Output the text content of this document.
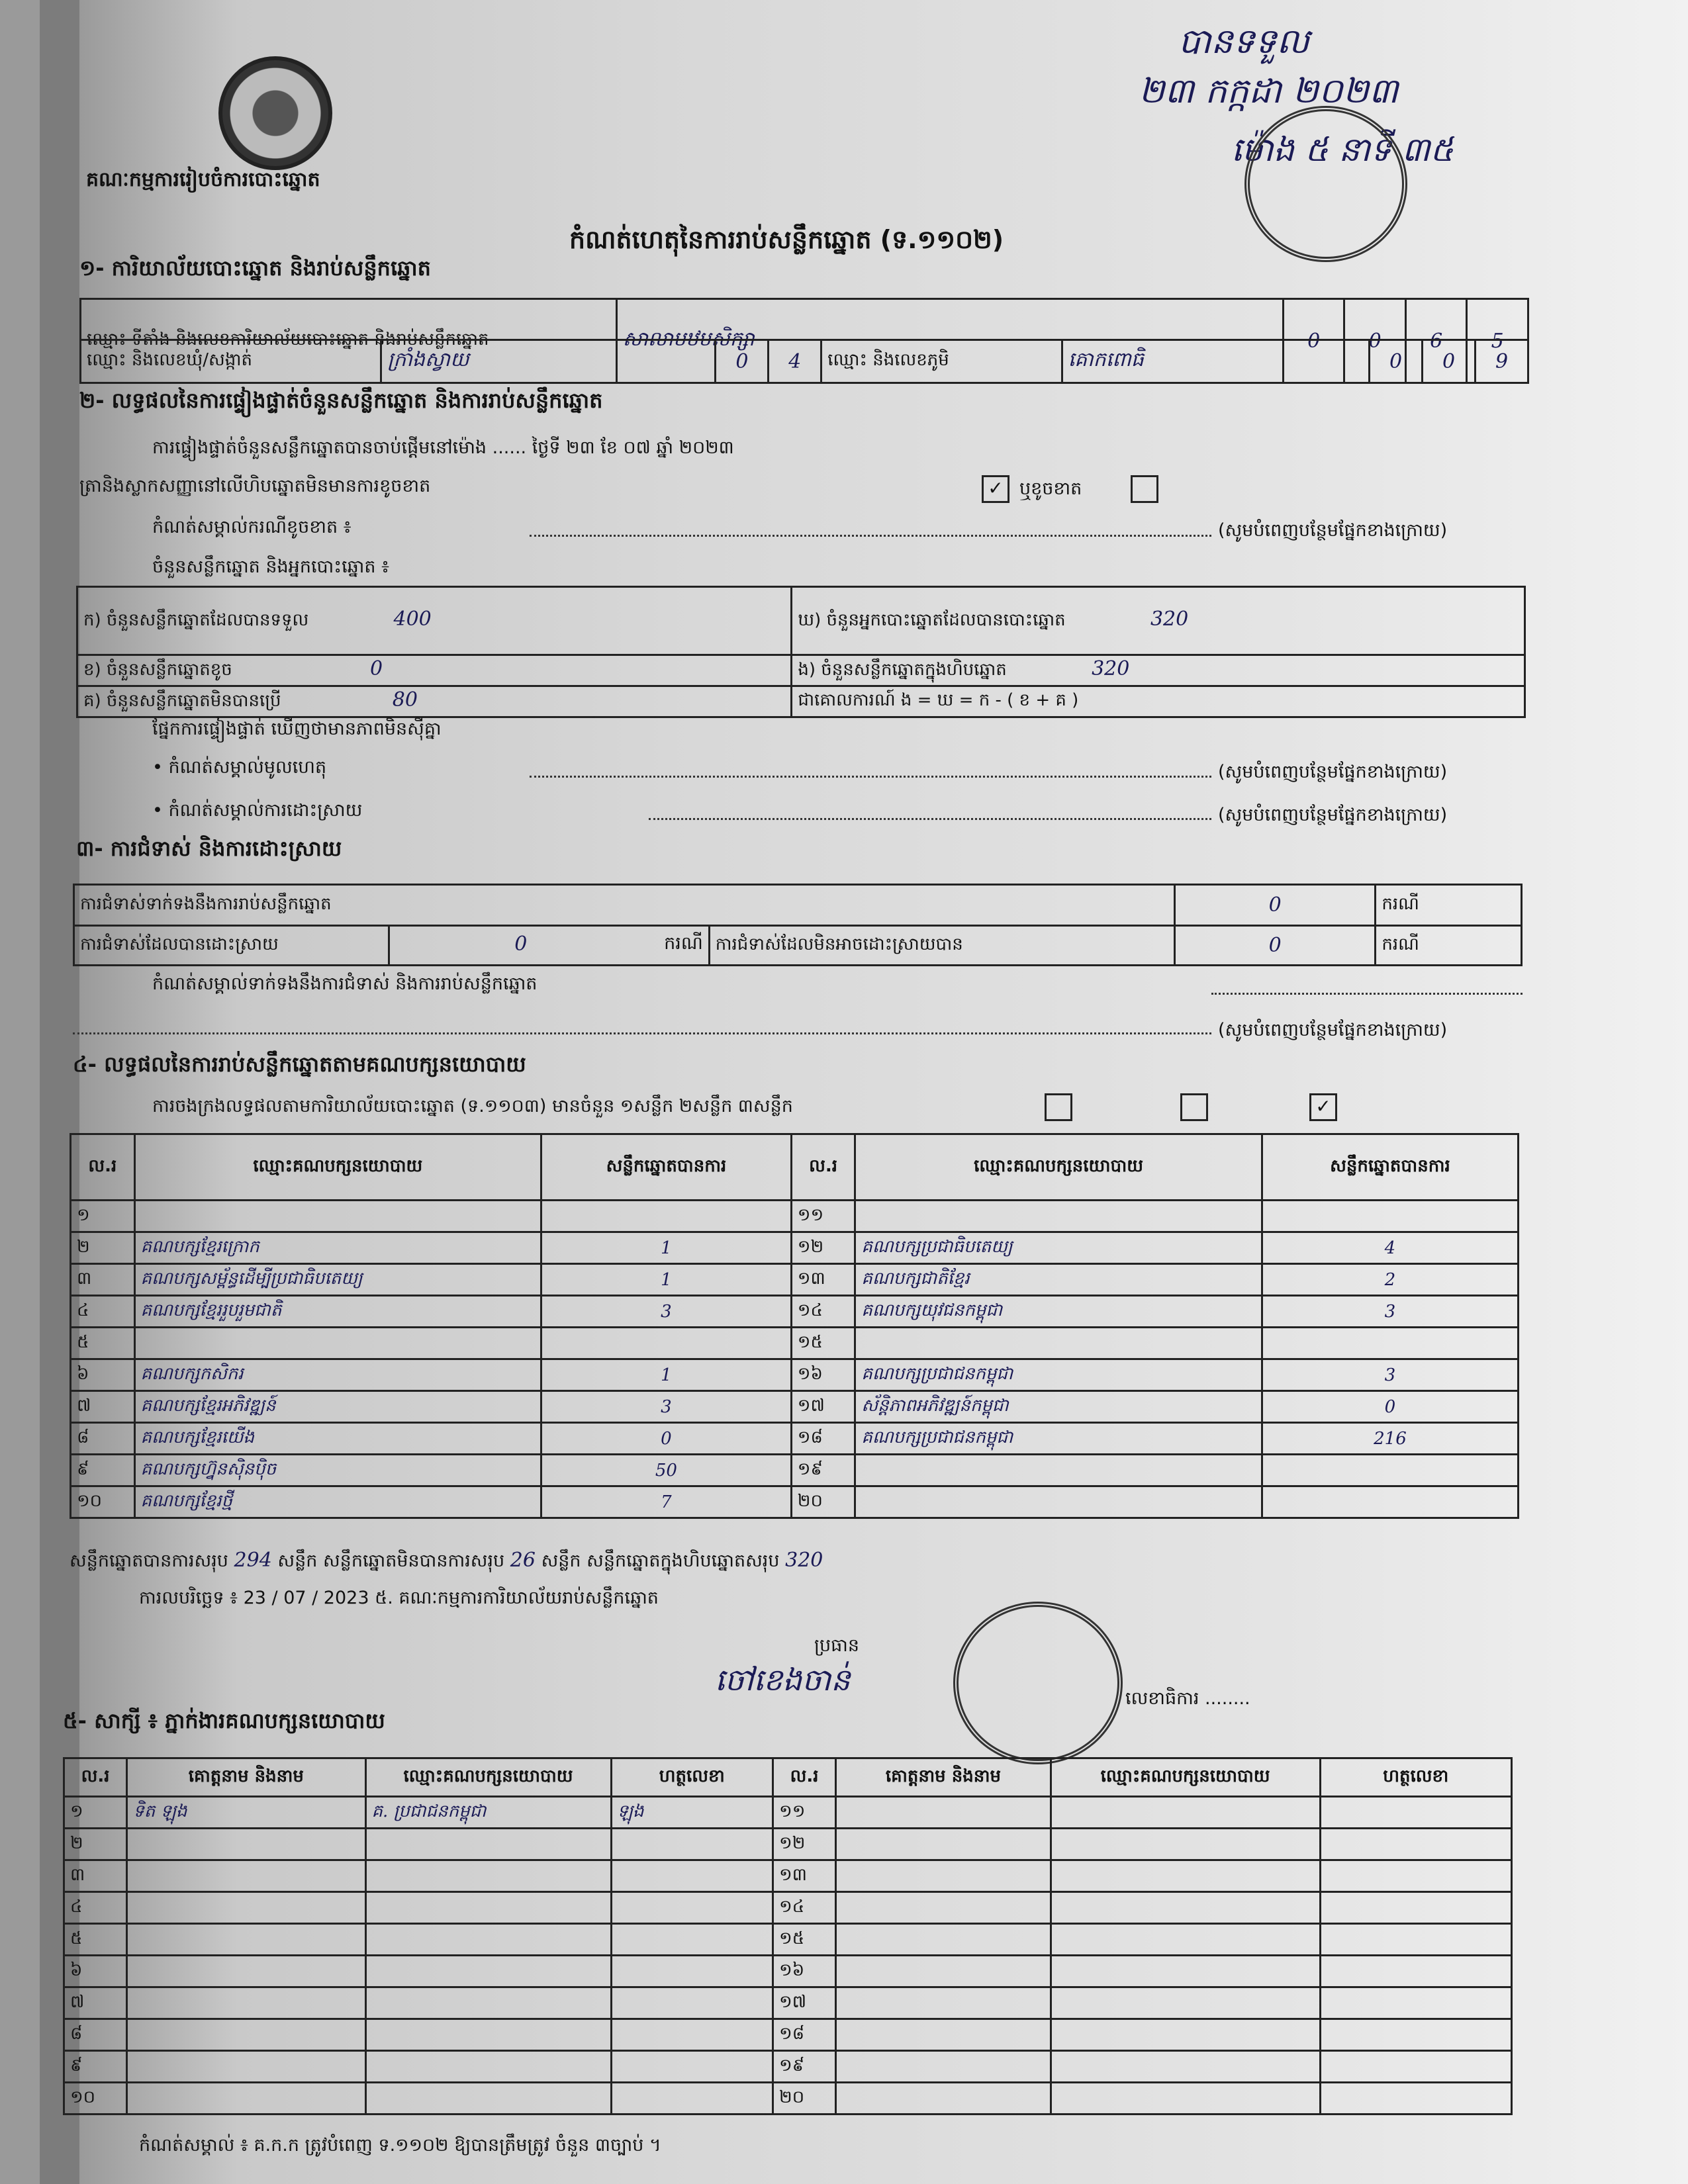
គណៈកម្មការរៀបចំការបោះឆ្នោត
កំណត់ហេតុនៃការរាប់សន្លឹកឆ្នោត (ទ.១១០២)
បានទទួល
២៣ កក្កដា ២០២៣
ម៉ោង ៥ នាទី ៣៥
១- ការិយាល័យបោះឆ្នោត និងរាប់សន្លឹកឆ្នោត
ឈ្មោះ ទីតាំង និងលេខការិយាល័យបោះឆ្នោត និងរាប់សន្លឹកឆ្នោត	សាលាបឋមសិក្សា	0	0	6	5
ឈ្មោះ និងលេខឃុំ/សង្កាត់	ក្រាំងស្វាយ	0	4	ឈ្មោះ និងលេខភូមិ	គោកពោធិ	0	0	9
២- លទ្ធផលនៃការផ្ទៀងផ្ទាត់ចំនួនសន្លឹកឆ្នោត និងការរាប់សន្លឹកឆ្នោត
ការផ្ទៀងផ្ទាត់ចំនួនសន្លឹកឆ្នោតបានចាប់ផ្តើមនៅម៉ោង ...... ថ្ងៃទី ២៣ ខែ ០៧ ឆ្នាំ ២០២៣
ត្រានិងស្លាកសញ្ញានៅលើហិបឆ្នោតមិនមានការខូចខាត	✓ ឬខូចខាត
កំណត់សម្គាល់ករណីខូចខាត ៖	(សូមបំពេញបន្ថែមផ្នែកខាងក្រោយ)
ចំនួនសន្លឹកឆ្នោត និងអ្នកបោះឆ្នោត ៖
ក) ចំនួនសន្លឹកឆ្នោតដែលបានទទួល 400	ឃ) ចំនួនអ្នកបោះឆ្នោតដែលបានបោះឆ្នោត 320
ខ) ចំនួនសន្លឹកឆ្នោតខូច 0	ង) ចំនួនសន្លឹកឆ្នោតក្នុងហិបឆ្នោត 320
គ) ចំនួនសន្លឹកឆ្នោតមិនបានប្រើ 80	ជាគោលការណ៍ ង = ឃ = ក - ( ខ + គ )
ផ្នែកការផ្ទៀងផ្ទាត់ ឃើញថាមានភាពមិនស៊ីគ្នា
• កំណត់សម្គាល់មូលហេតុ	(សូមបំពេញបន្ថែមផ្នែកខាងក្រោយ)
• កំណត់សម្គាល់ការដោះស្រាយ	(សូមបំពេញបន្ថែមផ្នែកខាងក្រោយ)
៣- ការជំទាស់ និងការដោះស្រាយ
ការជំទាស់ទាក់ទងនឹងការរាប់សន្លឹកឆ្នោត			0	ករណី
ការជំទាស់ដែលបានដោះស្រាយ	0 ករណី	ការជំទាស់ដែលមិនអាចដោះស្រាយបាន	0	ករណី
កំណត់សម្គាល់ទាក់ទងនឹងការជំទាស់ និងការរាប់សន្លឹកឆ្នោត
(សូមបំពេញបន្ថែមផ្នែកខាងក្រោយ)
៤- លទ្ធផលនៃការរាប់សន្លឹកឆ្នោតតាមគណបក្សនយោបាយ
ការចងក្រងលទ្ធផលតាមការិយាល័យបោះឆ្នោត (ទ.១១០៣) មានចំនួន ១សន្លឹក ២សន្លឹក ៣សន្លឹក	✓
ល.រ	ឈ្មោះគណបក្សនយោបាយ	សន្លឹកឆ្នោតបានការ	ល.រ	ឈ្មោះគណបក្សនយោបាយ	សន្លឹកឆ្នោតបានការ
១			១១		
២	គណបក្សខ្មែរក្រោក	1	១២	គណបក្សប្រជាធិបតេយ្យ	4
៣	គណបក្សសម្ព័ន្ធដើម្បីប្រជាធិបតេយ្យ	1	១៣	គណបក្សជាតិខ្មែរ	2
៤	គណបក្សខ្មែររួបរួមជាតិ	3	១៤	គណបក្សយុវជនកម្ពុជា	3
៥			១៥		
៦	គណបក្សកសិករ	1	១៦	គណបក្សប្រជាជនកម្ពុជា	3
៧	គណបក្សខ្មែរអភិវឌ្ឍន៍	3	១៧	ស័ន្តិភាពអភិវឌ្ឍន៍កម្ពុជា	0
៨	គណបក្សខ្មែរយើង	0	១៨	គណបក្សប្រជាជនកម្ពុជា	216
៩	គណបក្សហ្វ៊ុនស៊ិនប៉ិច	50	១៩		
១០	គណបក្សខ្មែរថ្មី	7	២០		
សន្លឹកឆ្នោតបានការសរុប 294 សន្លឹក សន្លឹកឆ្នោតមិនបានការសរុប 26 សន្លឹក សន្លឹកឆ្នោតក្នុងហិបឆ្នោតសរុប 320
ការលបរិច្ឆេទ ៖ 23 / 07 / 2023 ៥. គណៈកម្មការការិយាល័យរាប់សន្លឹកឆ្នោត
ប្រធាន
ចៅខេងចាន់
លេខាធិការ ........
៥- សាក្សី ៖ ភ្នាក់ងារគណបក្សនយោបាយ
ល.រ	គោត្តនាម និងនាម	ឈ្មោះគណបក្សនយោបាយ	ហត្ថលេខា	ល.រ	គោត្តនាម និងនាម	ឈ្មោះគណបក្សនយោបាយ	ហត្ថលេខា
១	ទិត ឡុង	គ. ប្រជាជនកម្ពុជា	ឡុង	១១			
២				១២			
៣				១៣			
៤				១៤			
៥				១៥			
៦				១៦			
៧				១៧			
៨				១៨			
៩				១៩			
១០				២០			
កំណត់សម្គាល់ ៖ គ.ក.ក ត្រូវបំពេញ ទ.១១០២ ឱ្យបានត្រឹមត្រូវ ចំនួន ៣ច្បាប់ ។
